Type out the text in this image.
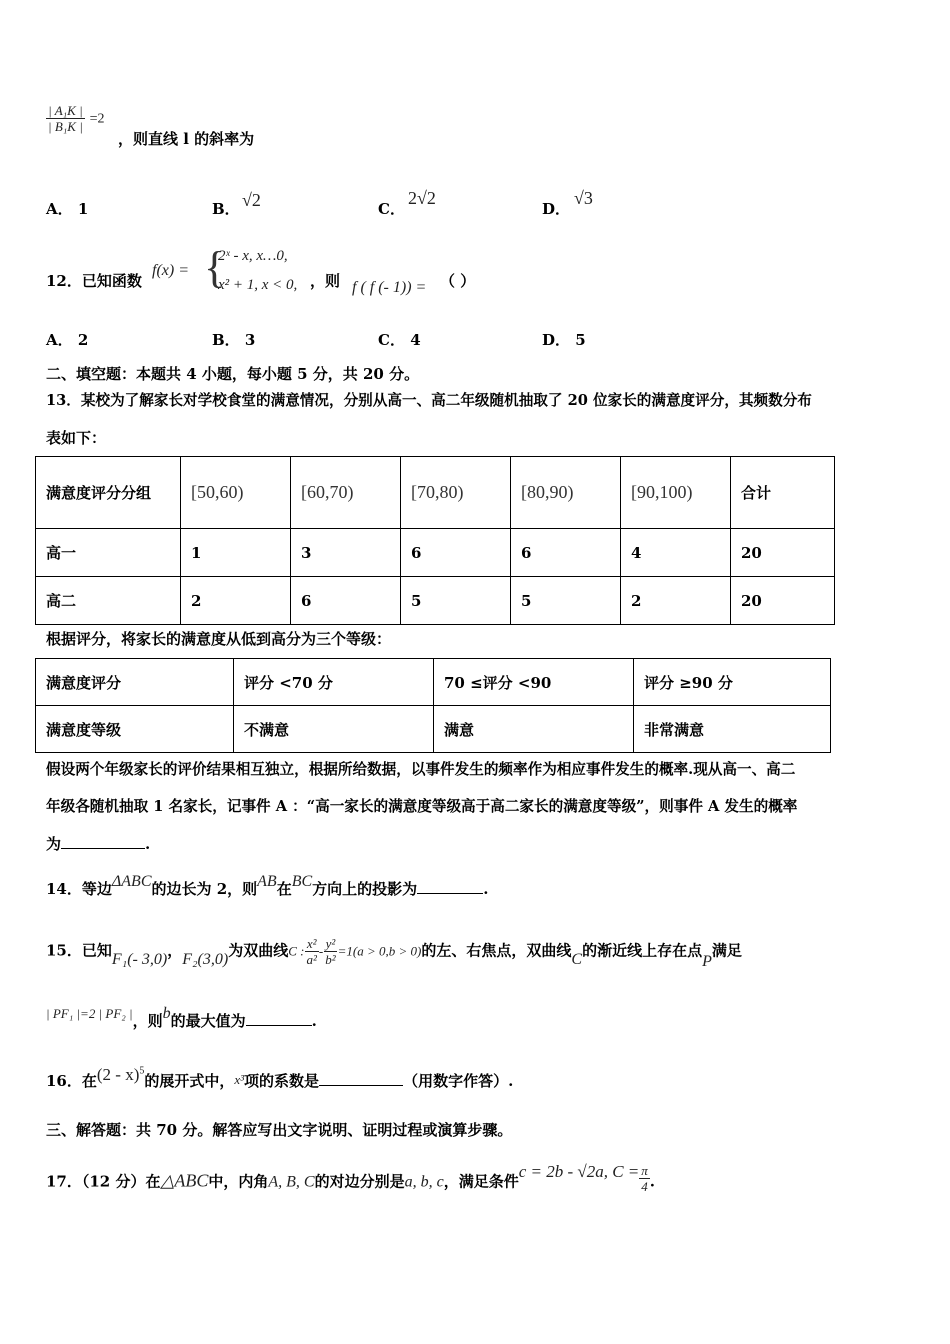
$\frac{\text{| A₁K |}}{\text{| B₁K |}} =2$
，则直线 l 的斜率为
A． 1	B． √2	C．
2√2
D．
√3
12．已知函数
f(x) = {
2ˣ - x, x…0,
x² + 1, x < 0, ，则 f ( f (- 1)) = （ ）
A． 2	B． 3	C． 4	D． 5
二、填空题：本题共 4 小题，每小题 5 分，共 20 分。
13．某校为了解家长对学校食堂的满意情况，分别从高一、高二年级随机抽取了 20 位家长的满意度评分，其频数分布
表如下：
满意度评分分组	[50,60)	[60,70)	[70,80)	[80,90)	[90,100)	合计
高一	1	3	6	6	4	20
高二	2	6	5	5	2	20
根据评分，将家长的满意度从低到高分为三个等级：
满意度评分	评分 <70 分	70 ≤评分 <90	评分 ≥90 分
满意度等级	不满意	满意	非常满意
假设两个年级家长的评价结果相互独立，根据所给数据，以事件发生的频率作为相应事件发生的概率.现从高一、高二
年级各随机抽取 1 名家长，记事件 A ：“高一家长的满意度等级高于高二家长的满意度等级”，则事件 A 发生的概率
为	.
14．等边ΔABC的边长为 2，则AB在BC方向上的投影为	.
15．已知F₁(- 3,0)，F₂(3,0)为双曲线C : $\frac{\text{x²}}{\text{a²}} - \frac{\text{y²}}{\text{b²}} =1(a > 0,b > 0)$的左、右焦点，双曲线C的渐近线上存在点P满足
| PF₁ |=2 | PF₂ |，则b的最大值为	.
16．在(2 - x)$^5$的展开式中，x³项的系数是	（用数字作答）.
三、解答题：共 70 分。解答应写出文字说明、证明过程或演算步骤。
17．（12 分）在△ABC中，内角A, B, C的对边分别是a, b, c，满足条件c = 2b - √2a, $C = \frac{\pi}{4}$ .
